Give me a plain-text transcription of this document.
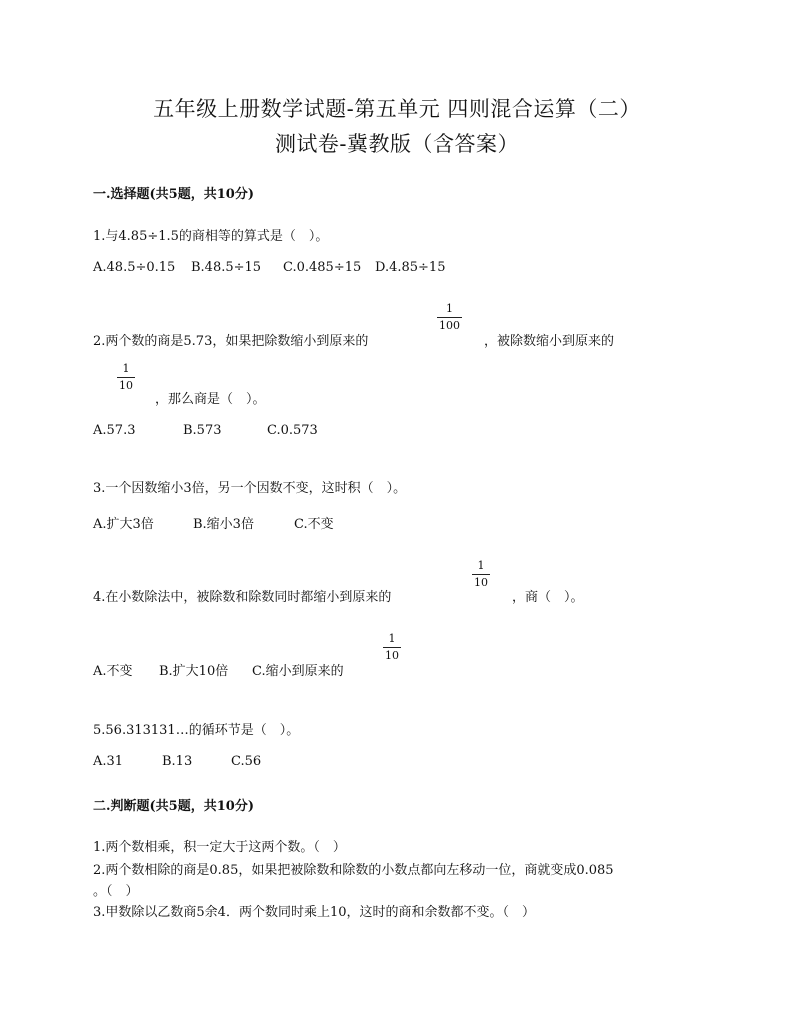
五年级上册数学试题-第五单元 四则混合运算（二）
测试卷-冀教版（含答案）
一.选择题(共5题，共10分)
1.与4.85÷1.5的商相等的算式是（　）。
A.48.5÷0.15	B.48.5÷15	C.0.485÷15	D.4.85÷15
2.两个数的商是5.73，如果把除数缩小到原来的
1
100
，被除数缩小到原来的
1
10
，那么商是（　）。
A.57.3	B.573	C.0.573
3.一个因数缩小3倍，另一个因数不变，这时积（　）。
A.扩大3倍	B.缩小3倍	C.不变
4.在小数除法中，被除数和除数同时都缩小到原来的
1
10
，商（　）。
A.不变	B.扩大10倍	C.缩小到原来的
1
10
5.56.313131…的循环节是（　）。
A.31	B.13	C.56
二.判断题(共5题，共10分)
1.两个数相乘，积一定大于这两个数。（　）
2.两个数相除的商是0.85，如果把被除数和除数的小数点都向左移动一位，商就变成0.085
。（　）
3.甲数除以乙数商5余4．两个数同时乘上10，这时的商和余数都不变。（　）
